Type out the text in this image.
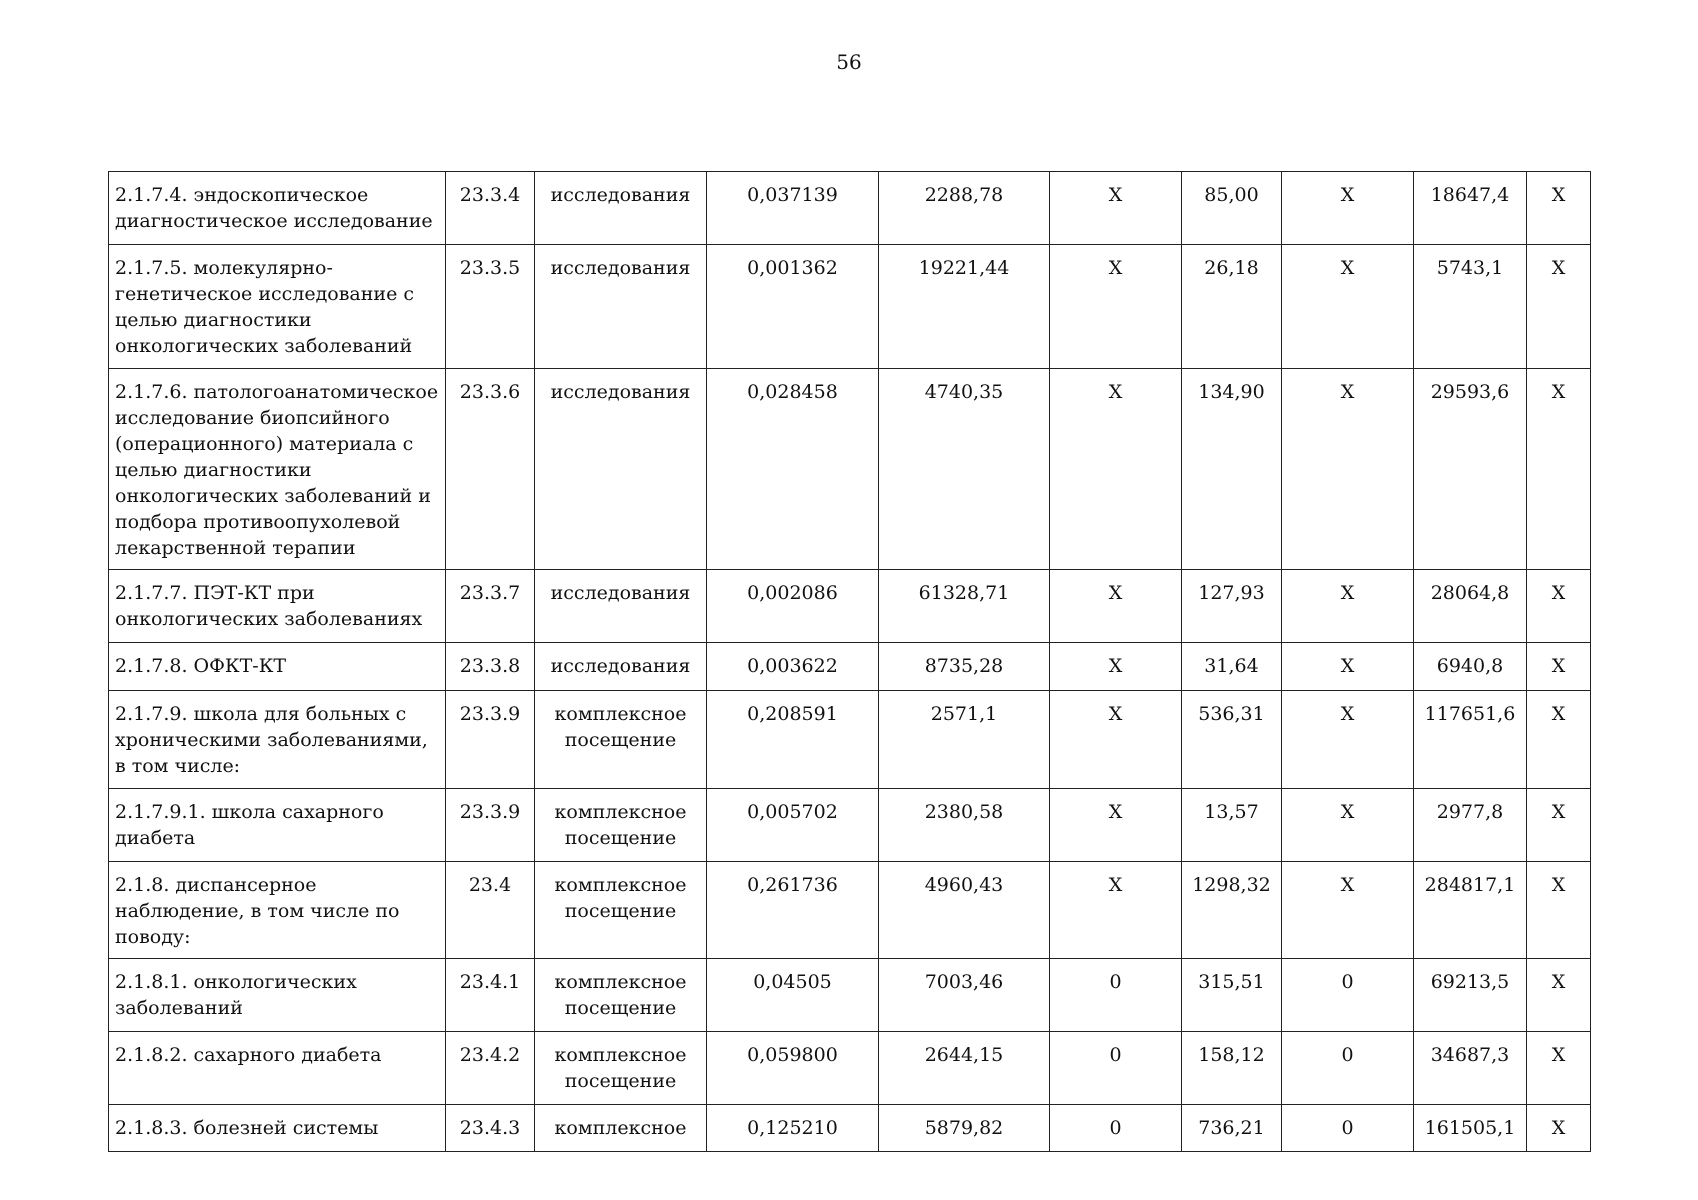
56
2.1.7.4. эндоскопическое диагностическое исследование	23.3.4	исследования	0,037139	2288,78	X	85,00	X	18647,4	X
2.1.7.5. молекулярно-генетическое исследование с целью диагностики онкологических заболеваний	23.3.5	исследования	0,001362	19221,44	X	26,18	X	5743,1	X
2.1.7.6. патологоанатомическое исследование биопсийного (операционного) материала с целью диагностики онкологических заболеваний и подбора противоопухолевой лекарственной терапии	23.3.6	исследования	0,028458	4740,35	X	134,90	X	29593,6	X
2.1.7.7. ПЭТ-КТ при онкологических заболеваниях	23.3.7	исследования	0,002086	61328,71	X	127,93	X	28064,8	X
2.1.7.8. ОФКТ-КТ	23.3.8	исследования	0,003622	8735,28	X	31,64	X	6940,8	X
2.1.7.9. школа для больных с хроническими заболеваниями, в том числе:	23.3.9	комплексное посещение	0,208591	2571,1	X	536,31	X	117651,6	X
2.1.7.9.1. школа сахарного диабета	23.3.9	комплексное посещение	0,005702	2380,58	X	13,57	X	2977,8	X
2.1.8. диспансерное наблюдение, в том числе по поводу:	23.4	комплексное посещение	0,261736	4960,43	X	1298,32	X	284817,1	X
2.1.8.1. онкологических заболеваний	23.4.1	комплексное посещение	0,04505	7003,46	0	315,51	0	69213,5	X
2.1.8.2. сахарного диабета	23.4.2	комплексное посещение	0,059800	2644,15	0	158,12	0	34687,3	X
2.1.8.3. болезней системы	23.4.3	комплексное	0,125210	5879,82	0	736,21	0	161505,1	X
